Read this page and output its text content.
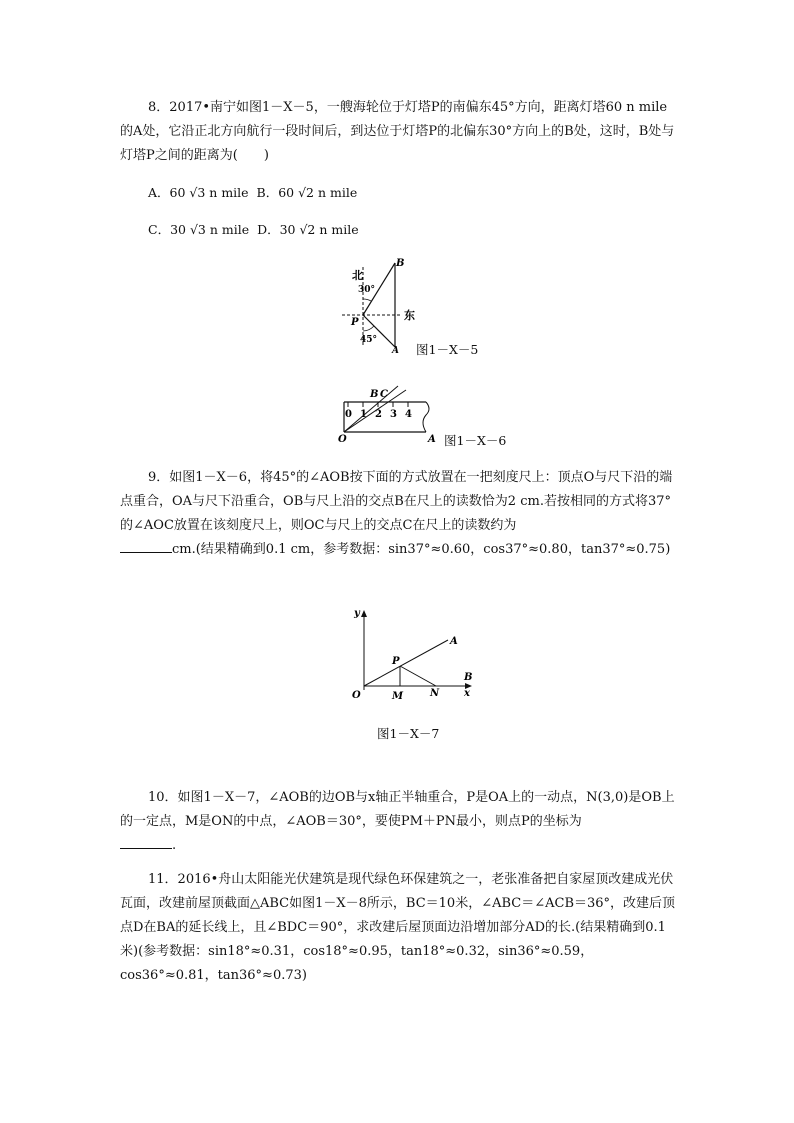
8．2017•南宁如图1－X－5，一艘海轮位于灯塔P的南偏东45°方向，距离灯塔60 n mile的A处，它沿正北方向航行一段时间后，到达位于灯塔P的北偏东30°方向上的B处，这时，B处与灯塔P之间的距离为(　　)

A．60 √3 n mile B．60 √2 n mile
C．30 √3 n mile D．30 √2 n mile
北
30°
45°
B
P
A
东
图1－X－5
0 1 2 3 4
B C
O	A 图1－X－6

9．如图1－X－6，将45°的∠AOB按下面的方式放置在一把刻度尺上：顶点O与尺下沿的端点重合，OA与尺下沿重合，OB与尺上沿的交点B在尺上的读数恰为2 cm.若按相同的方式将37°的∠AOC放置在该刻度尺上，则OC与尺上的交点C在尺上的读数约为
cm.(结果精确到0.1 cm，参考数据：sin37°≈0.60，cos37°≈0.80，tan37°≈0.75)

y
A
P
B
x
O	M	N
图1－X－7

10．如图1－X－7，∠AOB的边OB与x轴正半轴重合，P是OA上的一动点，N(3,0)是OB上的一定点，M是ON的中点，∠AOB＝30°，要使PM＋PN最小，则点P的坐标为
.

11．2016•舟山太阳能光伏建筑是现代绿色环保建筑之一，老张准备把自家屋顶改建成光伏瓦面，改建前屋顶截面△ABC如图1－X－8所示，BC＝10米，∠ABC＝∠ACB＝36°，改建后顶点D在BA的延长线上，且∠BDC＝90°，求改建后屋顶面边沿增加部分AD的长.(结果精确到0.1米)(参考数据：sin18°≈0.31，cos18°≈0.95，tan18°≈0.32，sin36°≈0.59，cos36°≈0.81，tan36°≈0.73)
